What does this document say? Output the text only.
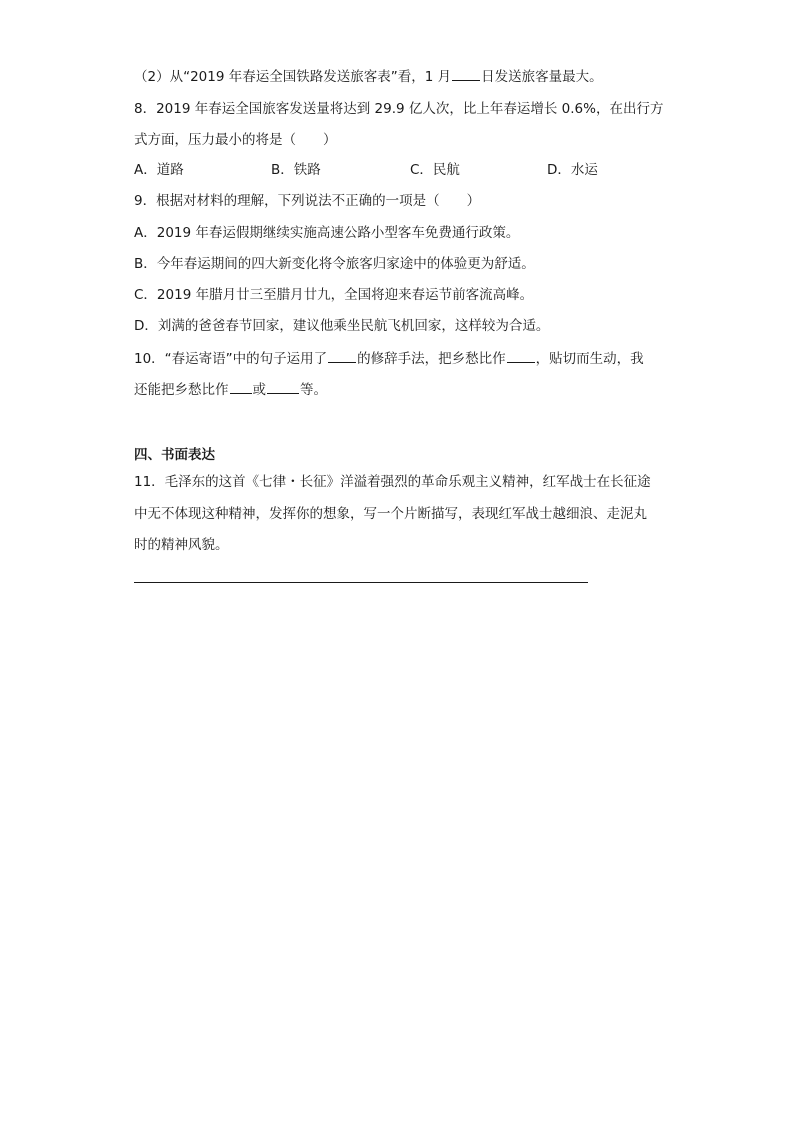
（2）从“2019 年春运全国铁路发送旅客表”看，1 月 日发送旅客量最大。
8．2019 年春运全国旅客发送量将达到 29.9 亿人次，比上年春运增长 0.6%，在出行方
式方面，压力最小的将是（　　）
A．道路	B．铁路	C．民航	D．水运
9．根据对材料的理解，下列说法不正确的一项是（　　）
A．2019 年春运假期继续实施高速公路小型客车免费通行政策。
B．今年春运期间的四大新变化将令旅客归家途中的体验更为舒适。
C．2019 年腊月廿三至腊月廿九，全国将迎来春运节前客流高峰。
D．刘满的爸爸春节回家，建议他乘坐民航飞机回家，这样较为合适。
10．“春运寄语”中的句子运用了 的修辞手法，把乡愁比作 ，贴切而生动，我
还能把乡愁比作 或	等。
四、书面表达
11．毛泽东的这首《七律・长征》洋溢着强烈的革命乐观主义精神，红军战士在长征途
中无不体现这种精神，发挥你的想象，写一个片断描写，表现红军战士越细浪、走泥丸
时的精神风貌。
